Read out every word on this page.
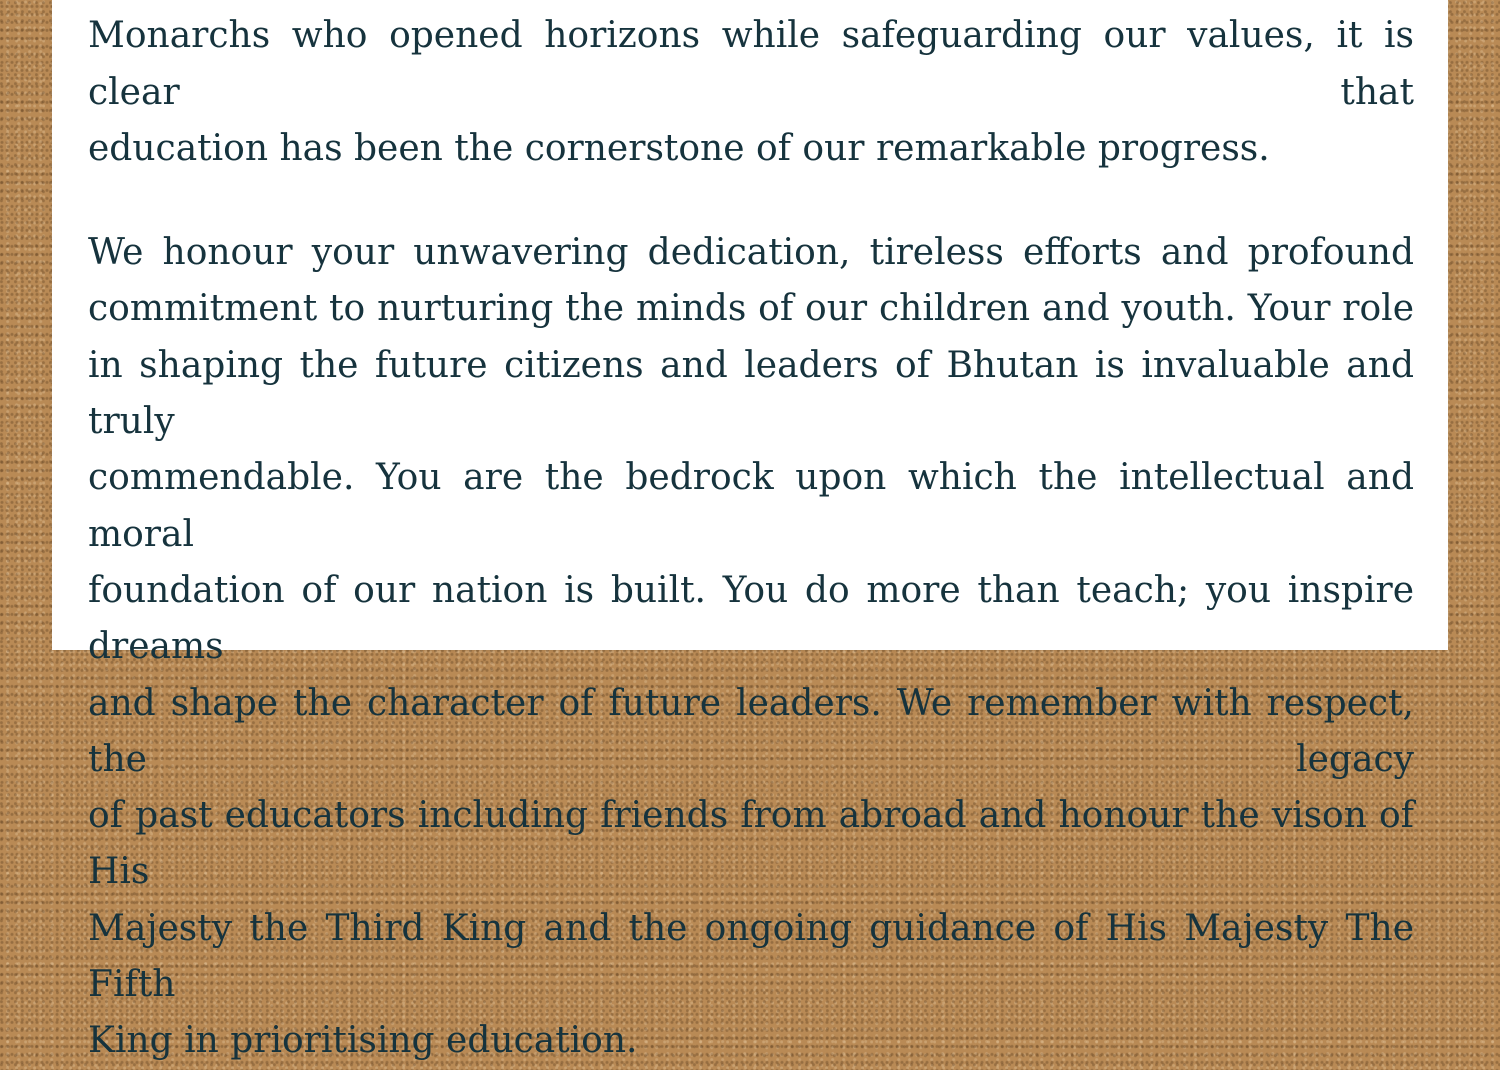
Monarchs who opened horizons while safeguarding our values, it is clear that

education has been the cornerstone of our remarkable progress.

We honour your unwavering dedication, tireless efforts and profound

commitment to nurturing the minds of our children and youth. Your role

in shaping the future citizens and leaders of Bhutan is invaluable and truly

commendable. You are the bedrock upon which the intellectual and moral

foundation of our nation is built. You do more than teach; you inspire dreams

and shape the character of future leaders. We remember with respect, the legacy

of past educators including friends from abroad and honour the vison of His

Majesty the Third King and the ongoing guidance of His Majesty The Fifth

King in prioritising education.
